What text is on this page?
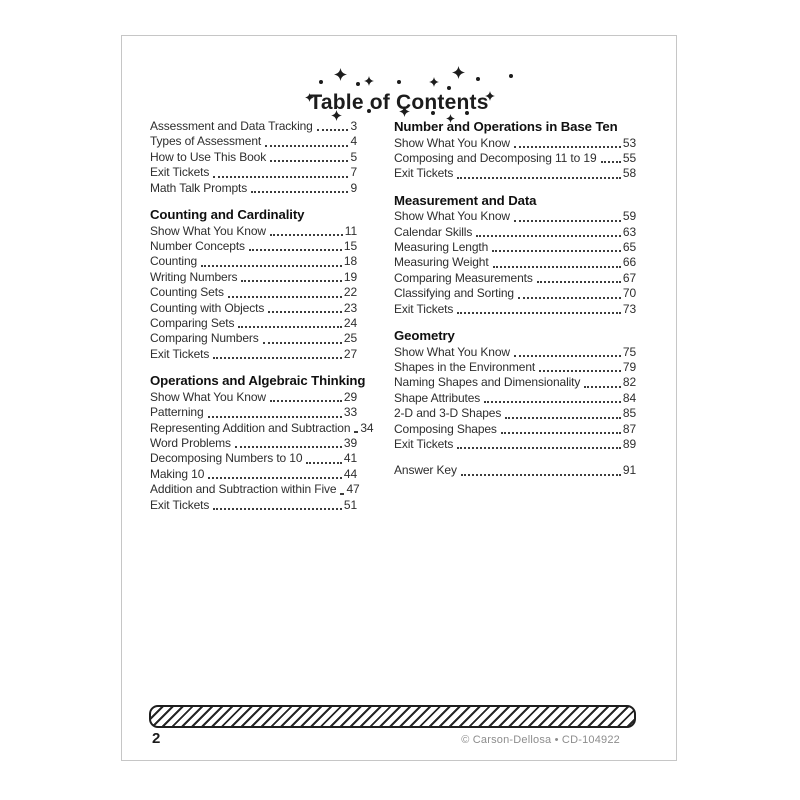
Table of Contents
Assessment and Data Tracking	3
Types of Assessment	4
How to Use This Book	5
Exit Tickets	7
Math Talk Prompts	9
Counting and Cardinality
Show What You Know	11
Number Concepts	15
Counting	18
Writing Numbers	19
Counting Sets	22
Counting with Objects	23
Comparing Sets	24
Comparing Numbers	25
Exit Tickets	27
Operations and Algebraic Thinking
Show What You Know	29
Patterning	33
Representing Addition and Subtraction 34
Word Problems	39
Decomposing Numbers to 10	41
Making 10	44
Addition and Subtraction within Five 47
Exit Tickets	51
Number and Operations in Base Ten
Show What You Know	53
Composing and Decomposing 11 to 19 55
Exit Tickets	58
Measurement and Data
Show What You Know	59
Calendar Skills	63
Measuring Length	65
Measuring Weight	66
Comparing Measurements	67
Classifying and Sorting	70
Exit Tickets	73
Geometry
Show What You Know	75
Shapes in the Environment	79
Naming Shapes and Dimensionality	82
Shape Attributes	84
2-D and 3-D Shapes	85
Composing Shapes	87
Exit Tickets	89
Answer Key	91
2	© Carson-Dellosa • CD-104922
